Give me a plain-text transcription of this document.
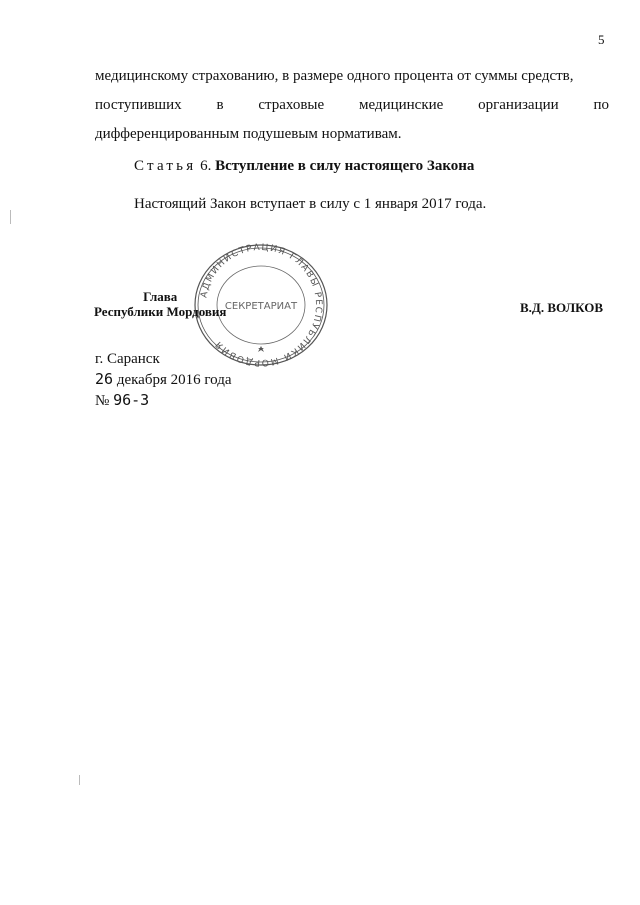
5
медицинскому страхованию, в размере одного процента от суммы средств,
поступивших в страховые медицинские организации по
дифференцированным подушевым нормативам.
Статья 6. Вступление в силу настоящего Закона
Настоящий Закон вступает в силу с 1 января 2017 года.
АДМИНИСТРАЦИЯ ГЛАВЫ РЕСПУБЛИКИ МОРДОВИЯ
СЕКРЕТАРИАТ
Глава
Республики Мордовия	В.Д. ВОЛКОВ
г. Саранск
26 декабря 2016 года
№ 96-З
